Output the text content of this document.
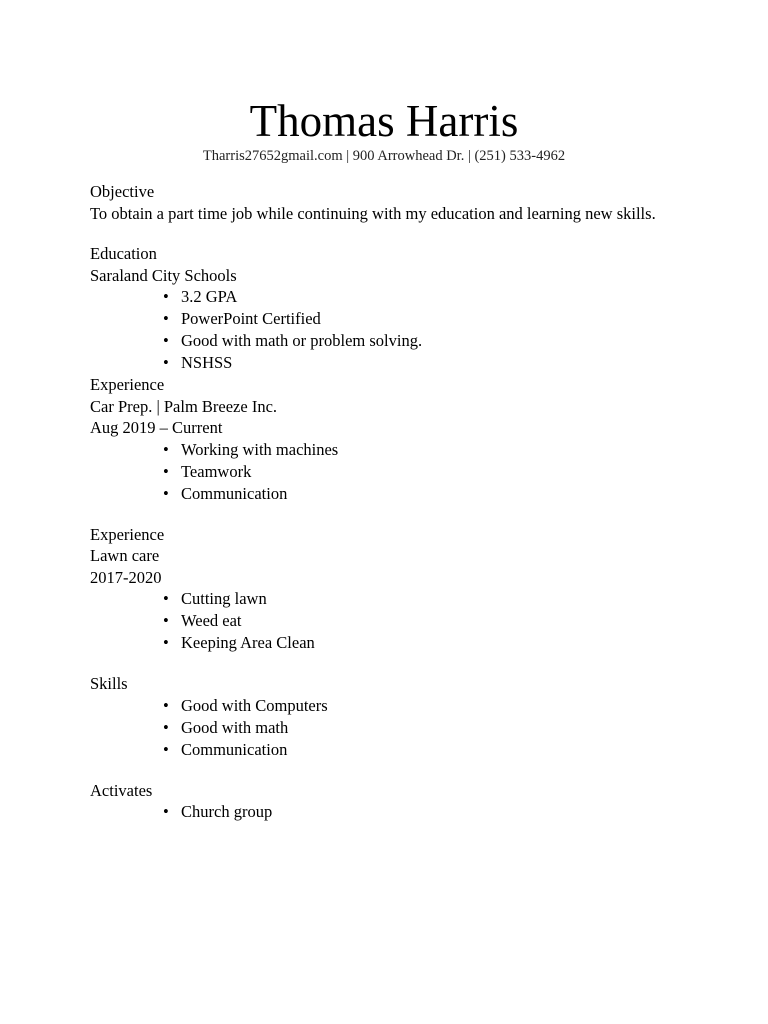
Thomas Harris
Tharris27652gmail.com | 900 Arrowhead Dr. | (251) 533-4962

Objective

To obtain a part time job while continuing with my education and learning new skills.

Education

Saraland City Schools

• 3.2 GPA
• PowerPoint Certified
• Good with math or problem solving.
• NSHSS

Experience

Car Prep. | Palm Breeze Inc.

Aug 2019 – Current

• Working with machines
• Teamwork
• Communication

Experience

Lawn care

2017-2020

• Cutting lawn
• Weed eat
• Keeping Area Clean

Skills

• Good with Computers
• Good with math
• Communication

Activates

• Church group
